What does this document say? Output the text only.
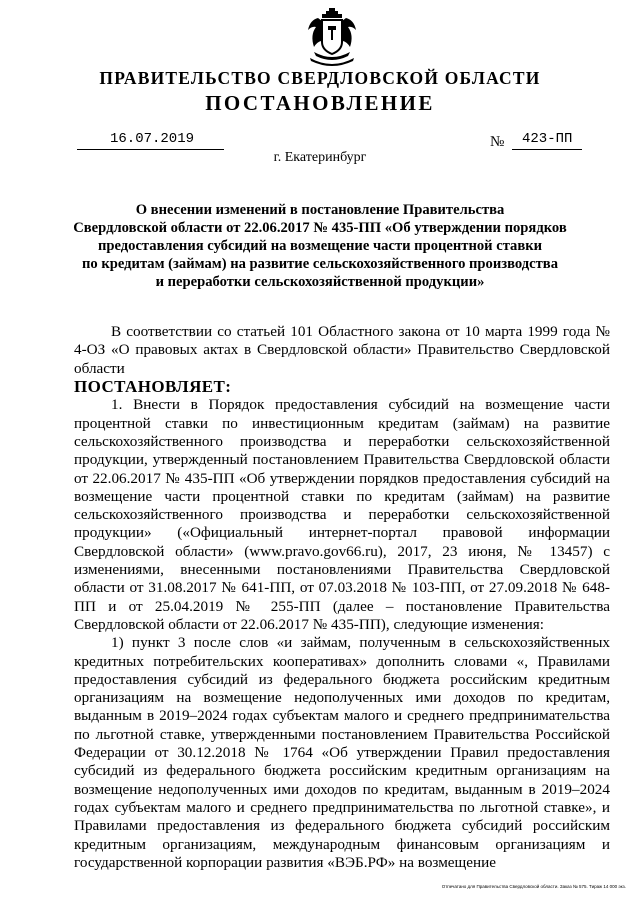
ПРАВИТЕЛЬСТВО СВЕРДЛОВСКОЙ ОБЛАСТИ
ПОСТАНОВЛЕНИЕ
16.07.2019	№ 423-ПП
г. Екатеринбург
О внесении изменений в постановление Правительства
Свердловской области от 22.06.2017 № 435-ПП «Об утверждении порядков
предоставления субсидий на возмещение части процентной ставки
по кредитам (займам) на развитие сельскохозяйственного производства
и переработки сельскохозяйственной продукции»

В соответствии со статьей 101 Областного закона от 10 марта 1999 года № 4-ОЗ «О правовых актах в Свердловской области» Правительство Свердловской области

ПОСТАНОВЛЯЕТ:

1. Внести в Порядок предоставления субсидий на возмещение части процентной ставки по инвестиционным кредитам (займам) на развитие сельскохозяйственного производства и переработки сельскохозяйственной продукции, утвержденный постановлением Правительства Свердловской области от 22.06.2017 № 435-ПП «Об утверждении порядков предоставления субсидий на возмещение части процентной ставки по кредитам (займам) на развитие сельскохозяйственного производства и переработки сельскохозяйственной продукции» («Официальный интернет-портал правовой информации Свердловской области» (www.pravo.gov66.ru), 2017, 23 июня, № 13457) с изменениями, внесенными постановлениями Правительства Свердловской области от 31.08.2017 № 641-ПП, от 07.03.2018 № 103-ПП, от 27.09.2018 № 648-ПП и от 25.04.2019 № 255-ПП (далее – постановление Правительства Свердловской области от 22.06.2017 № 435-ПП), следующие изменения:

1) пункт 3 после слов «и займам, полученным в сельскохозяйственных кредитных потребительских кооперативах» дополнить словами «, Правилами предоставления субсидий из федерального бюджета российским кредитным организациям на возмещение недополученных ими доходов по кредитам, выданным в 2019–2024 годах субъектам малого и среднего предпринимательства по льготной ставке, утвержденными постановлением Правительства Российской Федерации от 30.12.2018 № 1764 «Об утверждении Правил предоставления субсидий из федерального бюджета российским кредитным организациям на возмещение недополученных ими доходов по кредитам, выданным в 2019–2024 годах субъектам малого и среднего предпринимательства по льготной ставке», и Правилами предоставления из федерального бюджета субсидий российским кредитным организациям, международным финансовым организациям и государственной корпорации развития «ВЭБ.РФ» на возмещение

Отпечатано для Правительства Свердловской области. Заказ № 575. Тираж 14 000 экз.
